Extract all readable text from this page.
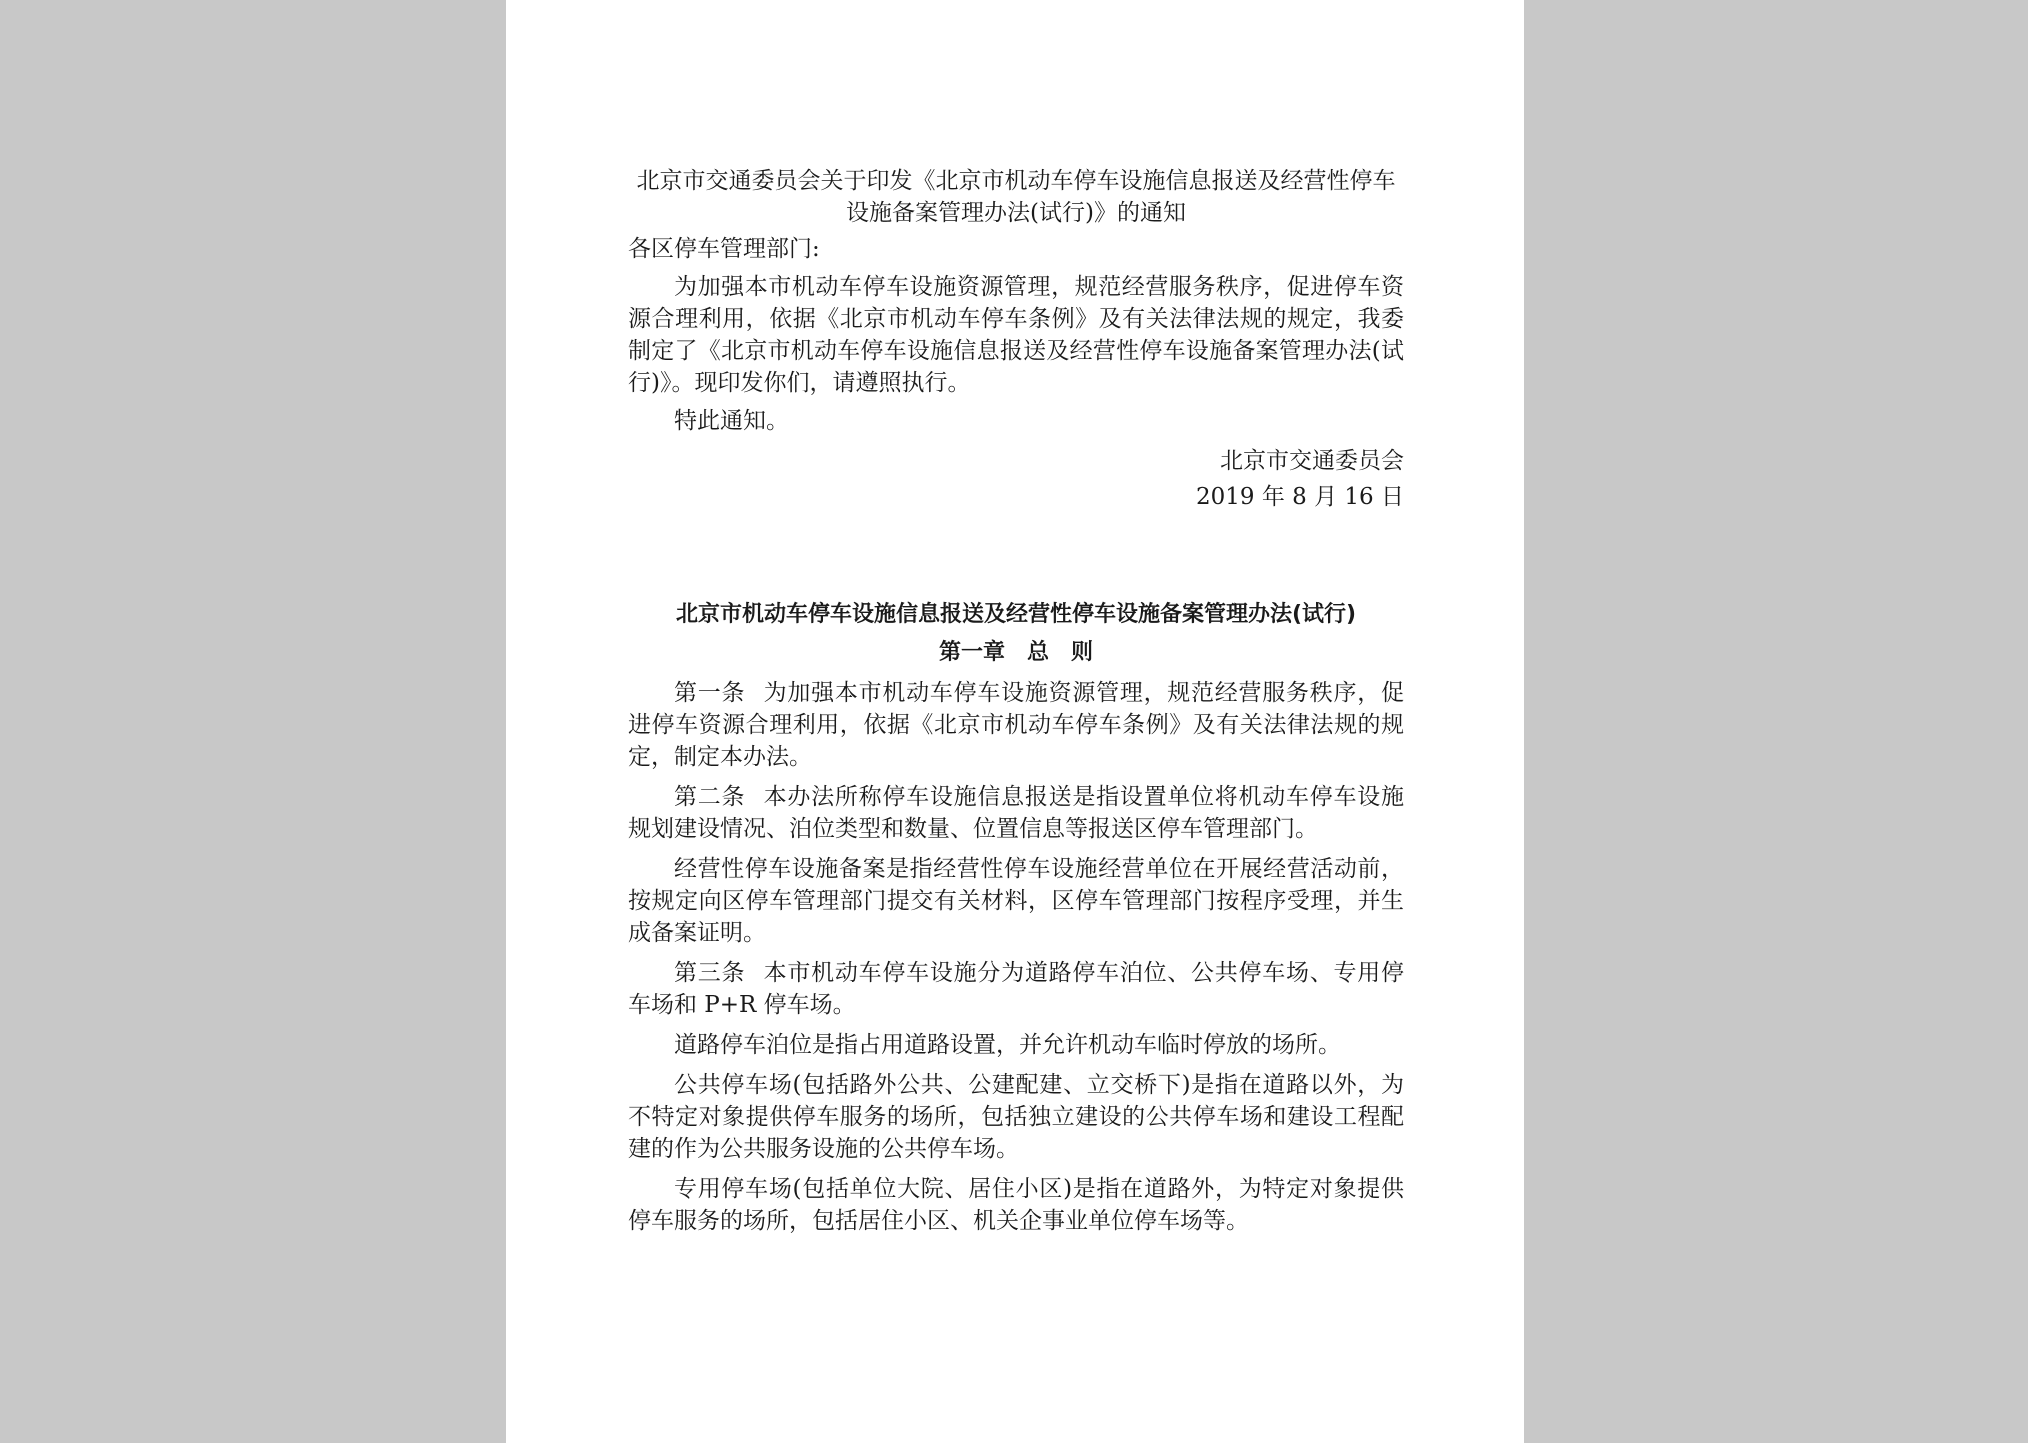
北京市交通委员会关于印发《北京市机动车停车设施信息报送及经营性停车设施备案管理办法(试行)》的通知

各区停车管理部门:

为加强本市机动车停车设施资源管理，规范经营服务秩序，促进停车资源合理利用，依据《北京市机动车停车条例》及有关法律法规的规定，我委制定了《北京市机动车停车设施信息报送及经营性停车设施备案管理办法(试行)》。现印发你们，请遵照执行。

特此通知。

北京市交通委员会

2019 年 8 月 16 日

北京市机动车停车设施信息报送及经营性停车设施备案管理办法(试行)

第一章　总　则

第一条 为加强本市机动车停车设施资源管理，规范经营服务秩序，促进停车资源合理利用，依据《北京市机动车停车条例》及有关法律法规的规定，制定本办法。

第二条 本办法所称停车设施信息报送是指设置单位将机动车停车设施规划建设情况、泊位类型和数量、位置信息等报送区停车管理部门。

经营性停车设施备案是指经营性停车设施经营单位在开展经营活动前，按规定向区停车管理部门提交有关材料，区停车管理部门按程序受理，并生成备案证明。

第三条 本市机动车停车设施分为道路停车泊位、公共停车场、专用停车场和 P+R 停车场。

道路停车泊位是指占用道路设置，并允许机动车临时停放的场所。

公共停车场(包括路外公共、公建配建、立交桥下)是指在道路以外，为不特定对象提供停车服务的场所，包括独立建设的公共停车场和建设工程配建的作为公共服务设施的公共停车场。

专用停车场(包括单位大院、居住小区)是指在道路外，为特定对象提供停车服务的场所，包括居住小区、机关企事业单位停车场等。
